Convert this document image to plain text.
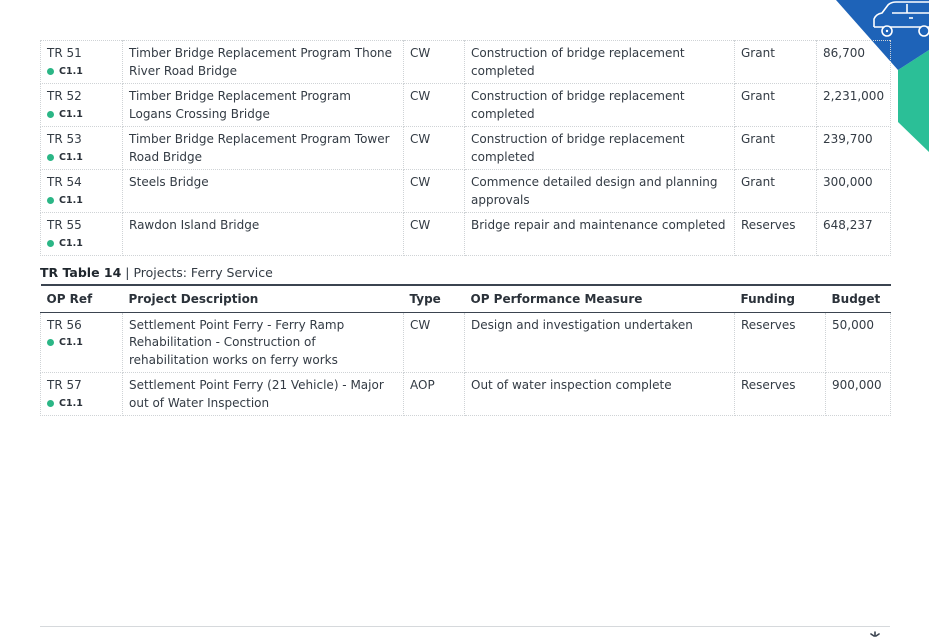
TR 51
C1.1	Timber Bridge Replacement Program Thone River Road Bridge	CW	Construction of bridge replacement completed	Grant	86,700

TR 52
C1.1	Timber Bridge Replacement Program Logans Crossing Bridge	CW	Construction of bridge replacement completed	Grant	2,231,000

TR 53
C1.1	Timber Bridge Replacement Program Tower Road Bridge	CW	Construction of bridge replacement completed	Grant	239,700

TR 54
C1.1	Steels Bridge	CW	Commence detailed design and planning approvals	Grant	300,000

TR 55
C1.1	Rawdon Island Bridge	CW	Bridge repair and maintenance completed	Reserves	648,237
TR Table 14 | Projects: Ferry Service
OP Ref	Project Description	Type	OP Performance Measure	Funding	Budget

TR 56
C1.1	Settlement Point Ferry - Ferry Ramp Rehabilitation - Construction of rehabilitation works on ferry works	CW	Design and investigation undertaken	Reserves	50,000

TR 57
C1.1	Settlement Point Ferry (21 Vehicle) - Major out of Water Inspection	AOP	Out of water inspection complete	Reserves	900,000
